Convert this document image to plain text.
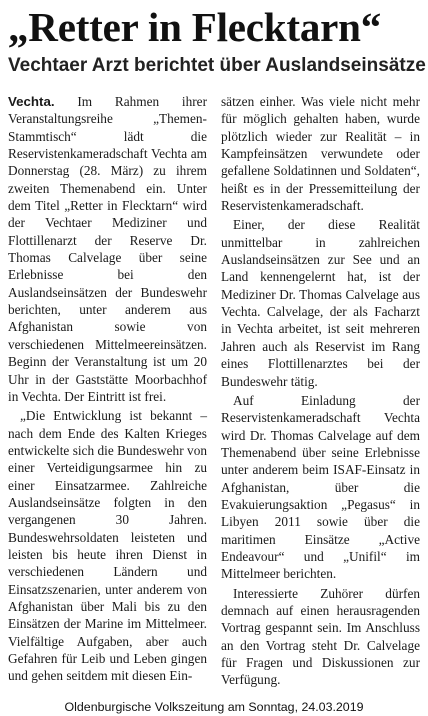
„Retter in Flecktarn“
Vechtaer Arzt berichtet über Auslandseinsätze

Vechta. Im Rahmen ihrer Veranstaltungsreihe „Themen-Stammtisch“ lädt die Reservistenkameradschaft Vechta am Donnerstag (28. März) zu ihrem zweiten Themenabend ein. Unter dem Titel „Retter in Flecktarn“ wird der Vechtaer Mediziner und Flottillenarzt der Reserve Dr. Thomas Calvelage über seine Erlebnisse bei den Auslandseinsätzen der Bundeswehr berichten, unter anderem aus Afghanistan sowie von verschiedenen Mittelmeereinsätzen. Beginn der Veranstaltung ist um 20 Uhr in der Gaststätte Moorbachhof in Vechta. Der Eintritt ist frei.

„Die Entwicklung ist bekannt – nach dem Ende des Kalten Krieges entwickelte sich die Bundeswehr von einer Verteidigungsarmee hin zu einer Einsatzarmee. Zahlreiche Auslandseinsätze folgten in den vergangenen 30 Jahren. Bundeswehrsoldaten leisteten und leisten bis heute ihren Dienst in verschiedenen Ländern und Einsatzszenarien, unter anderem von Afghanistan über Mali bis zu den Einsätzen der Marine im Mittelmeer. Vielfältige Aufgaben, aber auch Gefahren für Leib und Leben gingen und gehen seitdem mit diesen Ein-

sätzen einher. Was viele nicht mehr für möglich gehalten haben, wurde plötzlich wieder zur Realität – in Kampfeinsätzen verwundete oder gefallene Soldatinnen und Soldaten“, heißt es in der Pressemitteilung der Reservistenkameradschaft.

Einer, der diese Realität unmittelbar in zahlreichen Auslandseinsätzen zur See und an Land kennengelernt hat, ist der Mediziner Dr. Thomas Calvelage aus Vechta. Calvelage, der als Facharzt in Vechta arbeitet, ist seit mehreren Jahren auch als Reservist im Rang eines Flottillenarztes bei der Bundeswehr tätig.

Auf Einladung der Reservistenkameradschaft Vechta wird Dr. Thomas Calvelage auf dem Themenabend über seine Erlebnisse unter anderem beim ISAF-Einsatz in Afghanistan, über die Evakuierungsaktion „Pegasus“ in Libyen 2011 sowie über die maritimen Einsätze „Active Endeavour“ und „Unifil“ im Mittelmeer berichten.

Interessierte Zuhörer dürfen demnach auf einen herausragenden Vortrag gespannt sein. Im Anschluss an den Vortrag steht Dr. Calvelage für Fragen und Diskussionen zur Verfügung.

Oldenburgische Volkszeitung am Sonntag, 24.03.2019
